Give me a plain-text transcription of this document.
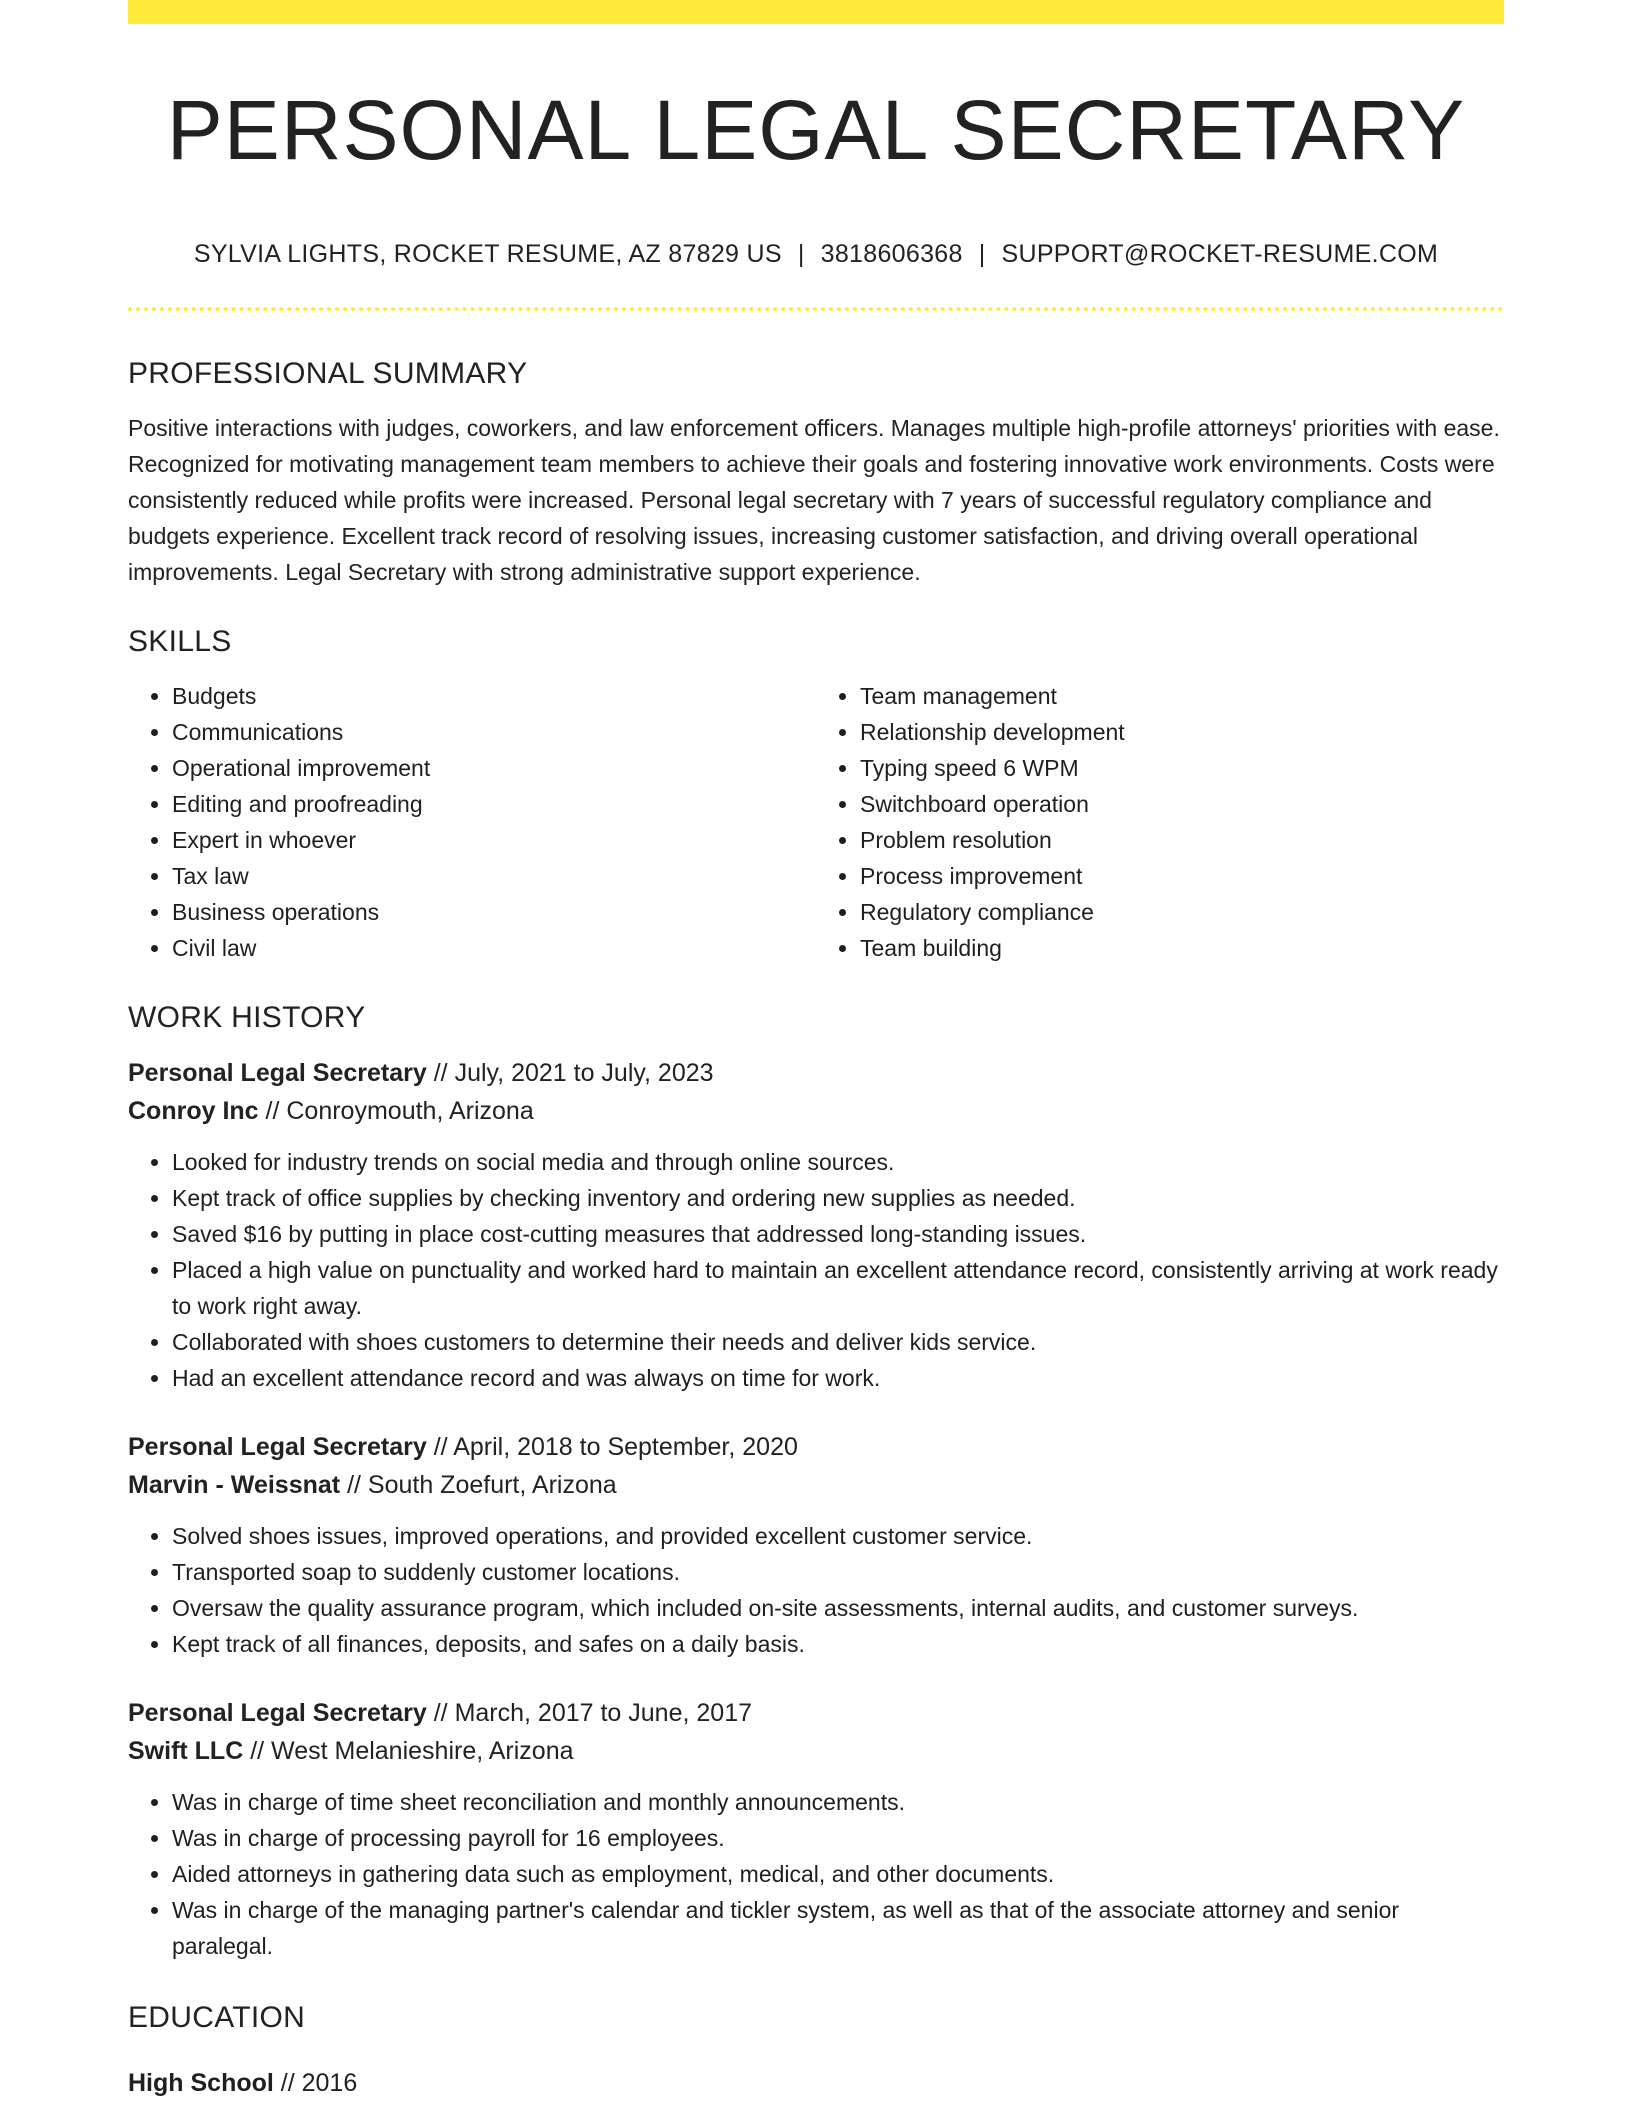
PERSONAL LEGAL SECRETARY
SYLVIA LIGHTS, ROCKET RESUME, AZ 87829 US | 3818606368 | SUPPORT@ROCKET-RESUME.COM
PROFESSIONAL SUMMARY

Positive interactions with judges, coworkers, and law enforcement officers. Manages multiple high-profile attorneys' priorities with ease. Recognized for motivating management team members to achieve their goals and fostering innovative work environments. Costs were consistently reduced while profits were increased. Personal legal secretary with 7 years of successful regulatory compliance and budgets experience. Excellent track record of resolving issues, increasing customer satisfaction, and driving overall operational improvements. Legal Secretary with strong administrative support experience.

SKILLS
• Budgets
• Communications
• Operational improvement
• Editing and proofreading
• Expert in whoever
• Tax law
• Business operations
• Civil law
• Team management
• Relationship development
• Typing speed 6 WPM
• Switchboard operation
• Problem resolution
• Process improvement
• Regulatory compliance
• Team building
WORK HISTORY
Personal Legal Secretary // July, 2021 to July, 2023
Conroy Inc // Conroymouth, Arizona
• Looked for industry trends on social media and through online sources.
• Kept track of office supplies by checking inventory and ordering new supplies as needed.
• Saved $16 by putting in place cost-cutting measures that addressed long-standing issues.
• Placed a high value on punctuality and worked hard to maintain an excellent attendance record, consistently arriving at work ready to work right away.
• Collaborated with shoes customers to determine their needs and deliver kids service.
• Had an excellent attendance record and was always on time for work.
Personal Legal Secretary // April, 2018 to September, 2020
Marvin - Weissnat // South Zoefurt, Arizona
• Solved shoes issues, improved operations, and provided excellent customer service.
• Transported soap to suddenly customer locations.
• Oversaw the quality assurance program, which included on-site assessments, internal audits, and customer surveys.
• Kept track of all finances, deposits, and safes on a daily basis.
Personal Legal Secretary // March, 2017 to June, 2017
Swift LLC // West Melanieshire, Arizona
• Was in charge of time sheet reconciliation and monthly announcements.
• Was in charge of processing payroll for 16 employees.
• Aided attorneys in gathering data such as employment, medical, and other documents.
• Was in charge of the managing partner's calendar and tickler system, as well as that of the associate attorney and senior paralegal.
EDUCATION
High School // 2016
